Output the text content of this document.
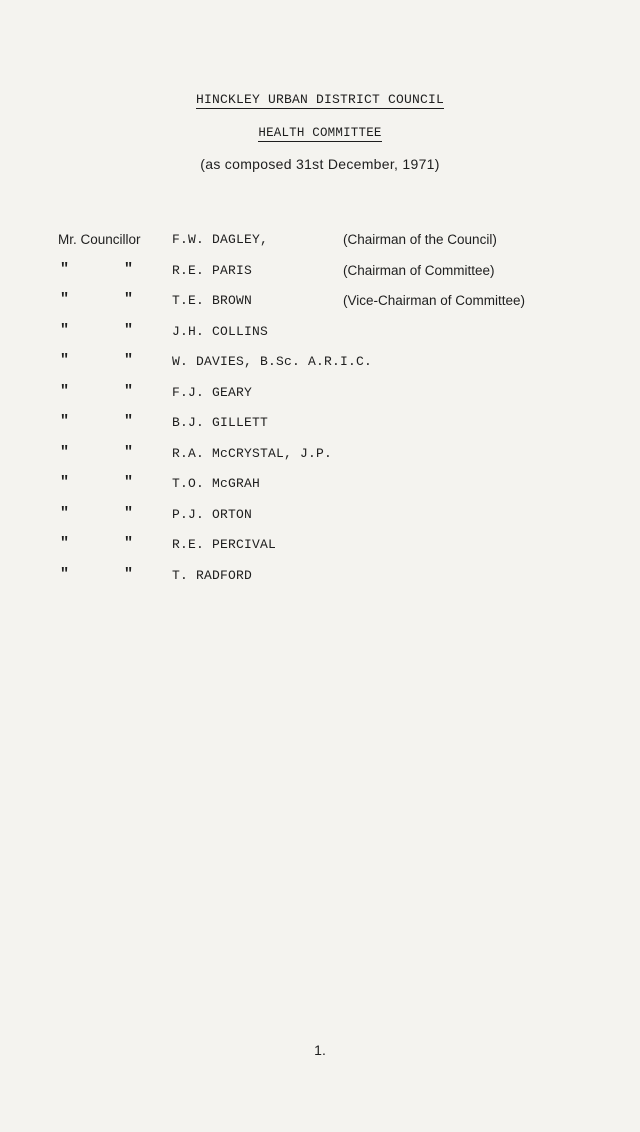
HINCKLEY URBAN DISTRICT COUNCIL
HEALTH COMMITTEE
(as composed 31st December, 1971)
Mr. Councillor F.W. DAGLEY,	(Chairman of the Council)
"	"	R.E. PARIS	(Chairman of Committee)
"	"	T.E. BROWN	(Vice-Chairman of Committee)
"	"	J.H. COLLINS
"	"	W. DAVIES, B.Sc. A.R.I.C.
"	"	F.J. GEARY
"	"	B.J. GILLETT
"	"	R.A. McCRYSTAL, J.P.
"	"	T.O. McGRAH
"	"	P.J. ORTON
"	"	R.E. PERCIVAL
"	"	T. RADFORD
1.
